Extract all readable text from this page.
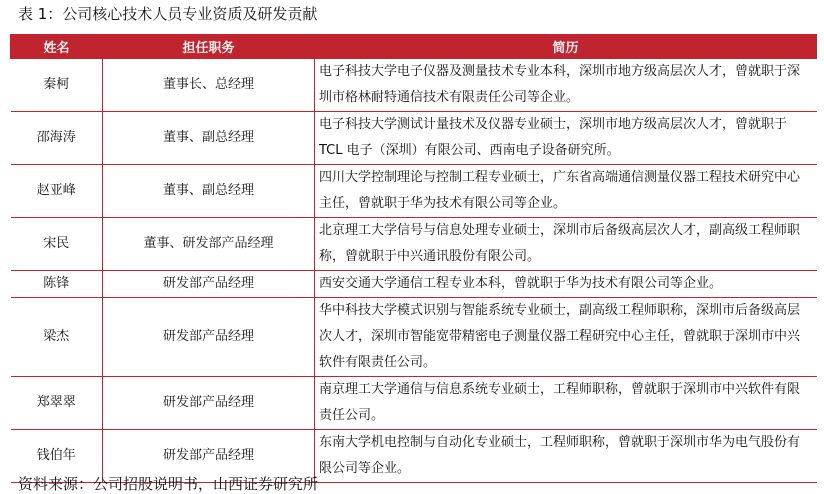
表 1：公司核心技术人员专业资质及研发贡献
姓名	担任职务	简历
秦柯	董事长、总经理	电子科技大学电子仪器及测量技术专业本科，深圳市地方级高层次人才，曾就职于深圳市格林耐特通信技术有限责任公司等企业。
邵海涛	董事、副总经理	电子科技大学测试计量技术及仪器专业硕士，深圳市地方级高层次人才，曾就职于 TCL 电子（深圳）有限公司、西南电子设备研究所。
赵亚峰	董事、副总经理	四川大学控制理论与控制工程专业硕士，广东省高端通信测量仪器工程技术研究中心主任，曾就职于华为技术有限公司等企业。
宋民	董事、研发部产品经理	北京理工大学信号与信息处理专业硕士，深圳市后备级高层次人才，副高级工程师职称，曾就职于中兴通讯股份有限公司。
陈锋	研发部产品经理	西安交通大学通信工程专业本科，曾就职于华为技术有限公司等企业。
梁杰	研发部产品经理	华中科技大学模式识别与智能系统专业硕士，副高级工程师职称，深圳市后备级高层次人才，深圳市智能宽带精密电子测量仪器工程研究中心主任，曾就职于深圳市中兴软件有限责任公司。
郑翠翠	研发部产品经理	南京理工大学通信与信息系统专业硕士，工程师职称，曾就职于深圳市中兴软件有限责任公司。
钱伯年	研发部产品经理	东南大学机电控制与自动化专业硕士，工程师职称，曾就职于深圳市华为电气股份有限公司等企业。
资料来源：公司招股说明书，山西证券研究所
